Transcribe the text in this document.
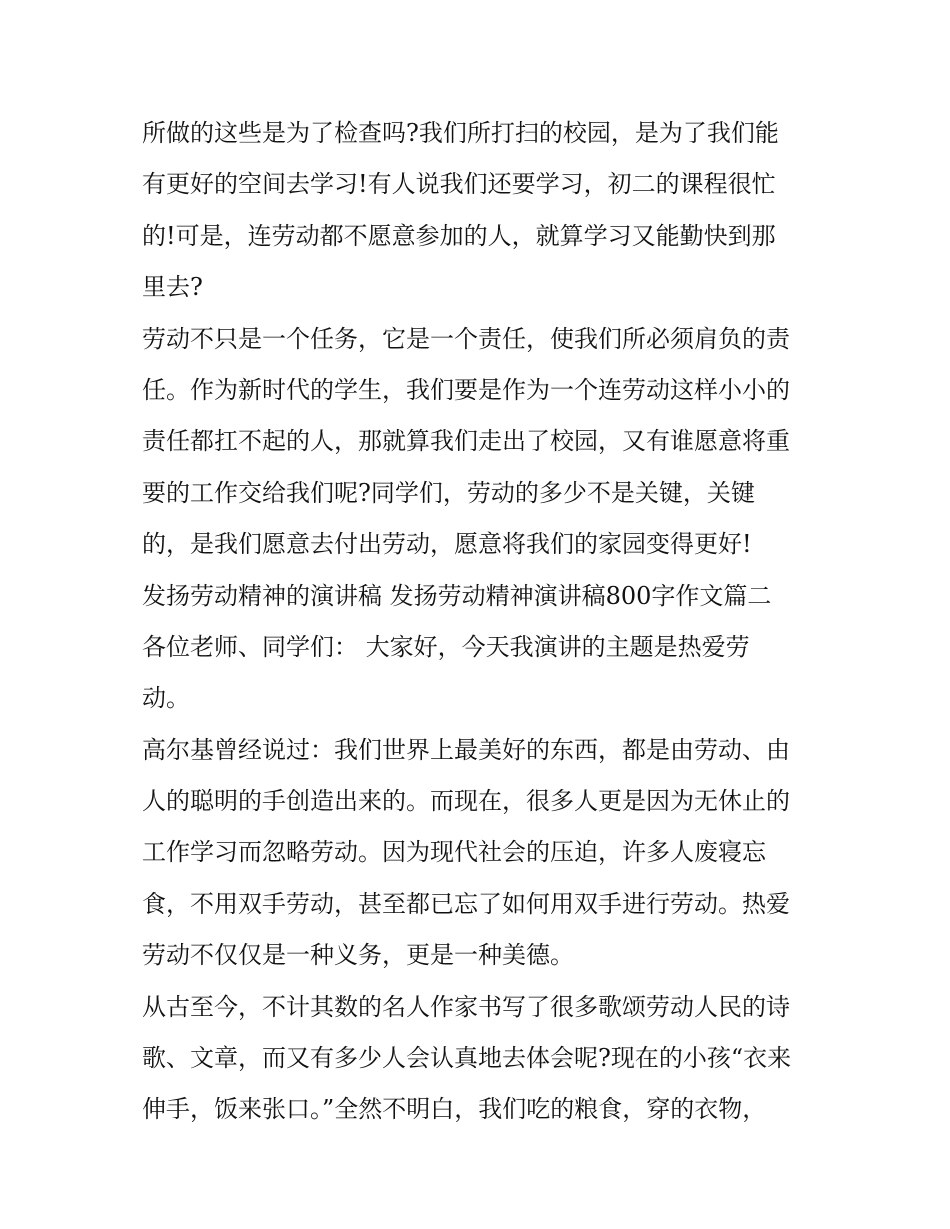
所做的这些是为了检查吗?我们所打扫的校园，是为了我们能
有更好的空间去学习!有人说我们还要学习，初二的课程很忙
的!可是，连劳动都不愿意参加的人，就算学习又能勤快到那
里去?
劳动不只是一个任务，它是一个责任，使我们所必须肩负的责
任。作为新时代的学生，我们要是作为一个连劳动这样小小的
责任都扛不起的人，那就算我们走出了校园，又有谁愿意将重
要的工作交给我们呢?同学们，劳动的多少不是关键，关键
的，是我们愿意去付出劳动，愿意将我们的家园变得更好!
发扬劳动精神的演讲稿 发扬劳动精神演讲稿800字作文篇二
各位老师、同学们： 大家好，今天我演讲的主题是热爱劳
动。
高尔基曾经说过：我们世界上最美好的东西，都是由劳动、由
人的聪明的手创造出来的。而现在，很多人更是因为无休止的
工作学习而忽略劳动。因为现代社会的压迫，许多人废寝忘
食，不用双手劳动，甚至都已忘了如何用双手进行劳动。热爱
劳动不仅仅是一种义务，更是一种美德。
从古至今，不计其数的名人作家书写了很多歌颂劳动人民的诗
歌、文章，而又有多少人会认真地去体会呢?现在的小孩“衣来
伸手，饭来张口。”全然不明白，我们吃的粮食，穿的衣物，
